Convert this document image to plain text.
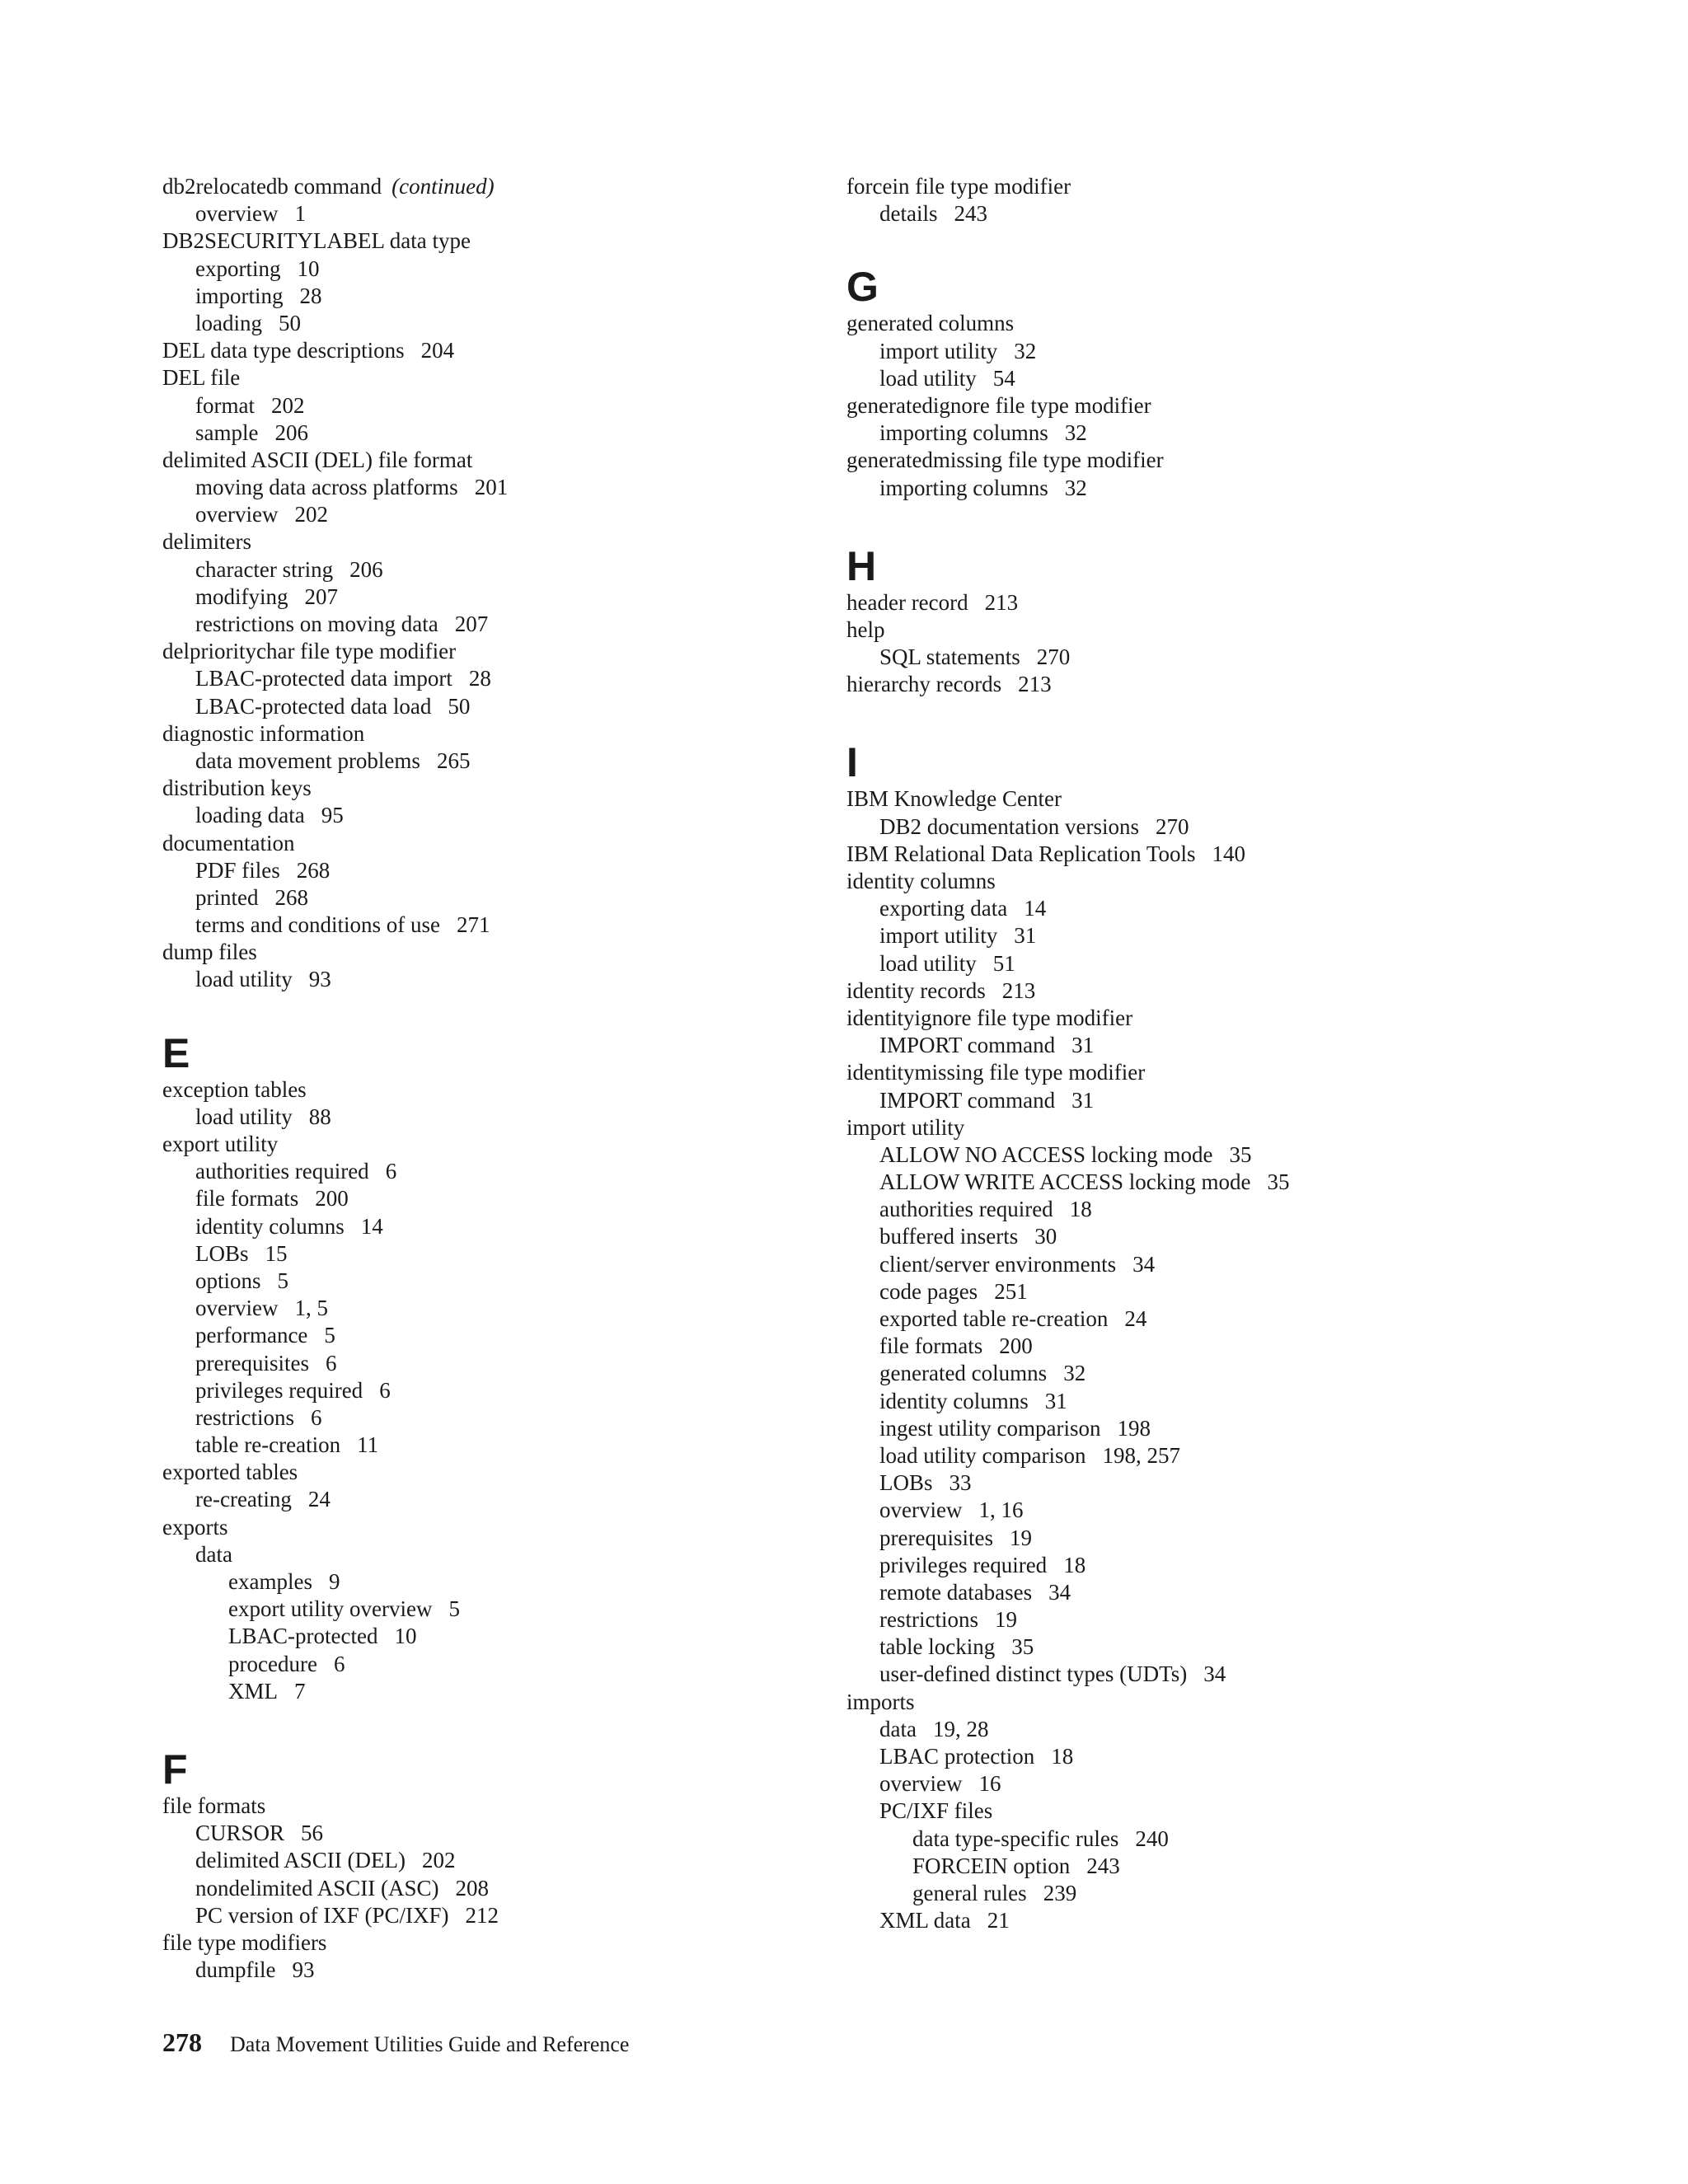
db2relocatedb command (continued)
overview 1
DB2SECURITYLABEL data type
exporting 10
importing 28
loading 50
DEL data type descriptions 204
DEL file
format 202
sample 206
delimited ASCII (DEL) file format
moving data across platforms 201
overview 202
delimiters
character string 206
modifying 207
restrictions on moving data 207
delprioritychar file type modifier
LBAC-protected data import 28
LBAC-protected data load 50
diagnostic information
data movement problems 265
distribution keys
loading data 95
documentation
PDF files 268
printed 268
terms and conditions of use 271
dump files
load utility 93
E
exception tables
load utility 88
export utility
authorities required 6
file formats 200
identity columns 14
LOBs 15
options 5
overview 1, 5
performance 5
prerequisites 6
privileges required 6
restrictions 6
table re-creation 11
exported tables
re-creating 24
exports
data
examples 9
export utility overview 5
LBAC-protected 10
procedure 6
XML 7
F
file formats
CURSOR 56
delimited ASCII (DEL) 202
nondelimited ASCII (ASC) 208
PC version of IXF (PC/IXF) 212
file type modifiers
dumpfile 93
forcein file type modifier
details 243
G
generated columns
import utility 32
load utility 54
generatedignore file type modifier
importing columns 32
generatedmissing file type modifier
importing columns 32
H
header record 213
help
SQL statements 270
hierarchy records 213
I
IBM Knowledge Center
DB2 documentation versions 270
IBM Relational Data Replication Tools 140
identity columns
exporting data 14
import utility 31
load utility 51
identity records 213
identityignore file type modifier
IMPORT command 31
identitymissing file type modifier
IMPORT command 31
import utility
ALLOW NO ACCESS locking mode 35
ALLOW WRITE ACCESS locking mode 35
authorities required 18
buffered inserts 30
client/server environments 34
code pages 251
exported table re-creation 24
file formats 200
generated columns 32
identity columns 31
ingest utility comparison 198
load utility comparison 198, 257
LOBs 33
overview 1, 16
prerequisites 19
privileges required 18
remote databases 34
restrictions 19
table locking 35
user-defined distinct types (UDTs) 34
imports
data 19, 28
LBAC protection 18
overview 16
PC/IXF files
data type-specific rules 240
FORCEIN option 243
general rules 239
XML data 21
278 Data Movement Utilities Guide and Reference
